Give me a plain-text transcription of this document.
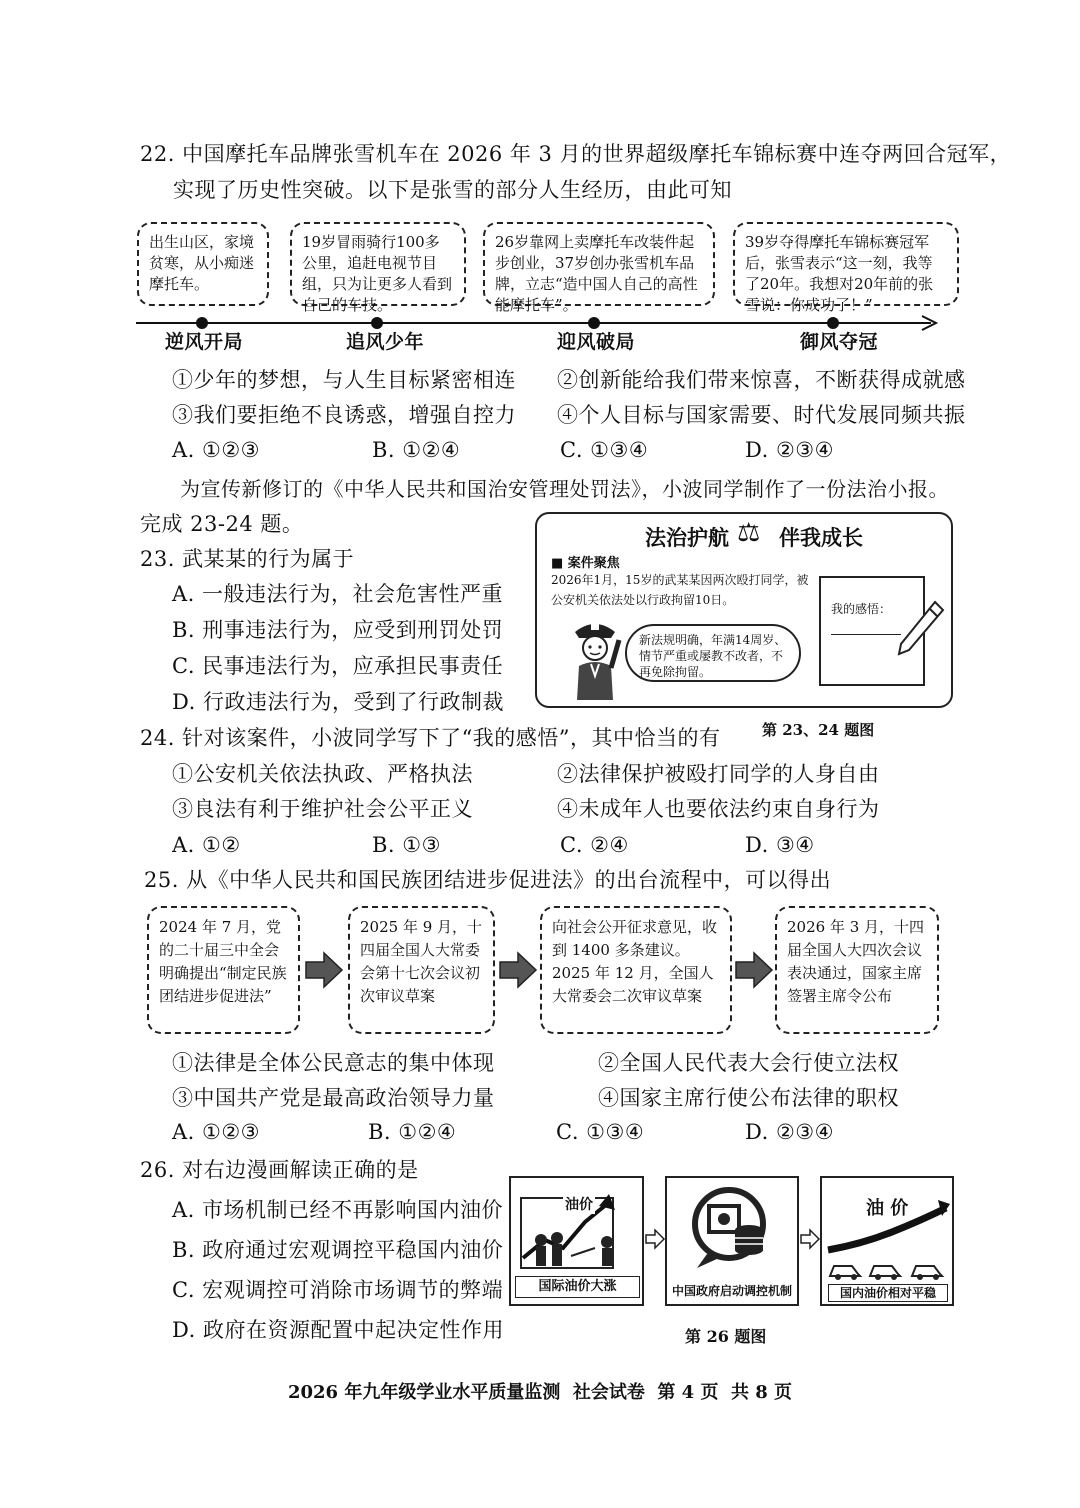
22. 中国摩托车品牌张雪机车在 2026 年 3 月的世界超级摩托车锦标赛中连夺两回合冠军，
实现了历史性突破。以下是张雪的部分人生经历，由此可知
出生山区，家境贫寒，从小痴迷摩托车。
19岁冒雨骑行100多公里，追赶电视节目组，只为让更多人看到自己的车技。
26岁靠网上卖摩托车改装件起步创业，37岁创办张雪机车品牌，立志“造中国人自己的高性能摩托车”。
39岁夺得摩托车锦标赛冠军后，张雪表示“这一刻，我等了20年。我想对20年前的张雪说：你成功了！”
逆风开局	追风少年	迎风破局	御风夺冠
①少年的梦想，与人生目标紧密相连 ②创新能给我们带来惊喜，不断获得成就感
③我们要拒绝不良诱惑，增强自控力 ④个人目标与国家需要、时代发展同频共振
A. ①②③	B. ①②④	C. ①③④	D. ②③④
为宣传新修订的《中华人民共和国治安管理处罚法》，小波同学制作了一份法治小报。
完成 23-24 题。
法治护航 ⚖ 伴我成长
■ 案件聚焦
2026年1月，15岁的武某某因两次殴打同学，被公安机关依法处以行政拘留10日。
新法规明确，年满14周岁、情节严重或屡教不改者，不再免除拘留。
我的感悟：
第 23、24 题图
23. 武某某的行为属于
A. 一般违法行为，社会危害性严重
B. 刑事违法行为，应受到刑罚处罚
C. 民事违法行为，应承担民事责任
D. 行政违法行为，受到了行政制裁
24. 针对该案件，小波同学写下了“我的感悟”，其中恰当的有
①公安机关依法执政、严格执法	②法律保护被殴打同学的人身自由
③良法有利于维护社会公平正义	④未成年人也要依法约束自身行为
A. ①②	B. ①③	C. ②④	D. ③④
25. 从《中华人民共和国民族团结进步促进法》的出台流程中，可以得出
2024 年 7 月，党的二十届三中全会明确提出“制定民族团结进步促进法”
2025 年 9 月，十四届全国人大常委会第十七次会议初次审议草案
向社会公开征求意见，收到 1400 多条建议。2025 年 12 月，全国人大常委会二次审议草案
2026 年 3 月，十四届全国人大四次会议表决通过，国家主席签署主席令公布
①法律是全体公民意志的集中体现	②全国人民代表大会行使立法权
③中国共产党是最高政治领导力量	④国家主席行使公布法律的职权
A. ①②③	B. ①②④	C. ①③④	D. ②③④
26. 对右边漫画解读正确的是
A. 市场机制已经不再影响国内油价
B. 政府通过宏观调控平稳国内油价
C. 宏观调控可消除市场调节的弊端
D. 政府在资源配置中起决定性作用
油价
国际油价大涨	中国政府启动调控机制
油 价
国内油价相对平稳
第 26 题图
2026 年九年级学业水平质量监测  社会试卷  第 4 页  共 8 页
